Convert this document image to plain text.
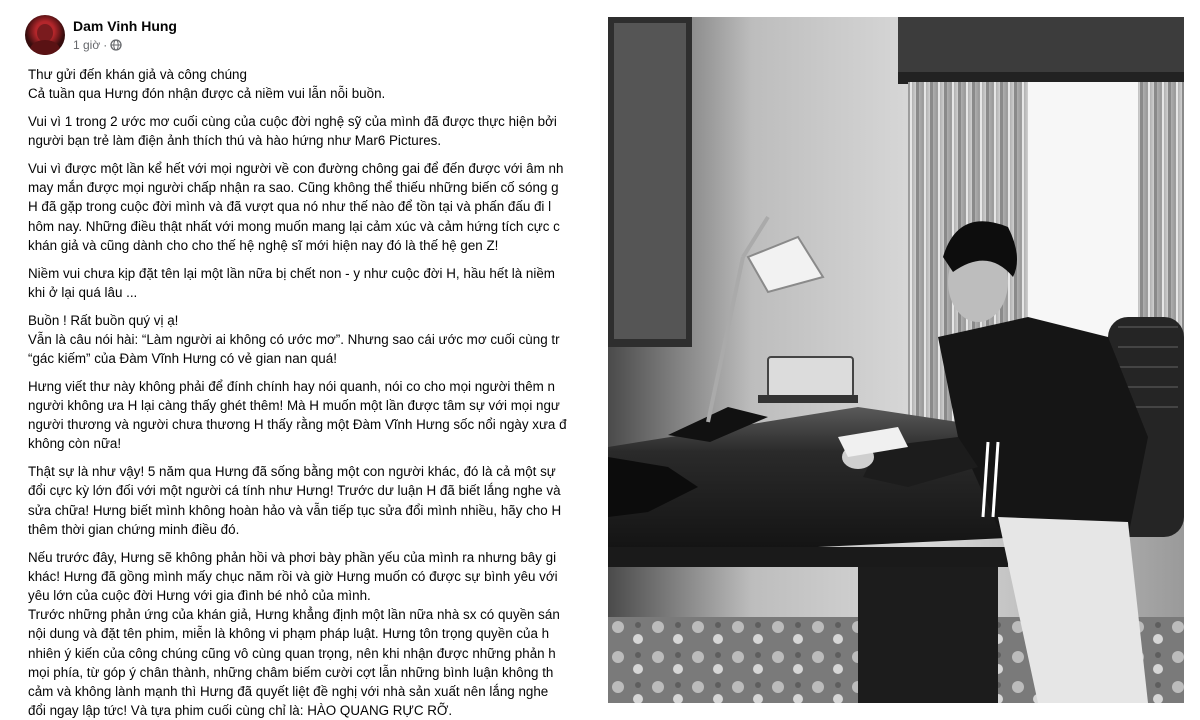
Dam Vinh Hung
1 giờ ·

Thư gửi đến khán giả và công chúng
Cả tuần qua Hưng đón nhận được cả niềm vui lẫn nỗi buồn.

Vui vì 1 trong 2 ước mơ cuối cùng của cuộc đời nghệ sỹ của mình đã được thực hiện bởi
người bạn trẻ làm điện ảnh thích thú và hào hứng như Mar6 Pictures.

Vui vì được một lần kể hết với mọi người về con đường chông gai để đến được với âm nh
may mắn được mọi người chấp nhận ra sao. Cũng không thể thiếu những biến cố sóng g
H đã gặp trong cuộc đời mình và đã vượt qua nó như thế nào để tồn tại và phấn đấu đi l
hôm nay. Những điều thật nhất với mong muốn mang lại cảm xúc và cảm hứng tích cực c
khán giả và cũng dành cho cho thế hệ nghệ sĩ mới hiện nay đó là thế hệ gen Z!

Niềm vui chưa kịp đặt tên lại một lần nữa bị chết non - y như cuộc đời H, hầu hết là niềm
khi ở lại quá lâu ...

Buồn ! Rất buồn quý vị ạ!
Vẫn là câu nói hài: “Làm người ai không có ước mơ”. Nhưng sao cái ước mơ cuối cùng tr
“gác kiếm” của Đàm Vĩnh Hưng có vẻ gian nan quá!

Hưng viết thư này không phải để đính chính hay nói quanh, nói co cho mọi người thêm n
người không ưa H lại càng thấy ghét thêm! Mà H muốn một lần được tâm sự với mọi ngư
người thương và người chưa thương H thấy rằng một Đàm Vĩnh Hưng sốc nổi ngày xưa đ
không còn nữa!

Thật sự là như vậy! 5 năm qua Hưng đã sống bằng một con người khác, đó là cả một sự
đổi cực kỳ lớn đối với một người cá tính như Hưng! Trước dư luận H đã biết lắng nghe và
sửa chữa! Hưng biết mình không hoàn hảo và vẫn tiếp tục sửa đổi mình nhiều, hãy cho H
thêm thời gian chứng minh điều đó.

Nếu trước đây, Hưng sẽ không phản hồi và phơi bày phần yếu của mình ra nhưng bây gi
khác! Hưng đã gồng mình mấy chục năm rồi và giờ Hưng muốn có được sự bình yêu với
yêu lớn của cuộc đời Hưng với gia đình bé nhỏ của mình.

Trước những phản ứng của khán giả, Hưng khẳng định một lần nữa nhà sx có quyền sán
nội dung và đặt tên phim, miễn là không vi phạm pháp luật. Hưng tôn trọng quyền của h
nhiên ý kiến của công chúng cũng vô cùng quan trọng, nên khi nhận được những phản h
mọi phía, từ góp ý chân thành, những châm biếm cười cợt lẫn những bình luận không th
cảm và không lành mạnh thì Hưng đã quyết liệt đề nghị với nhà sản xuất nên lắng nghe
đổi ngay lập tức! Và tựa phim cuối cùng chỉ là: HÀO QUANG RỰC RỠ.
